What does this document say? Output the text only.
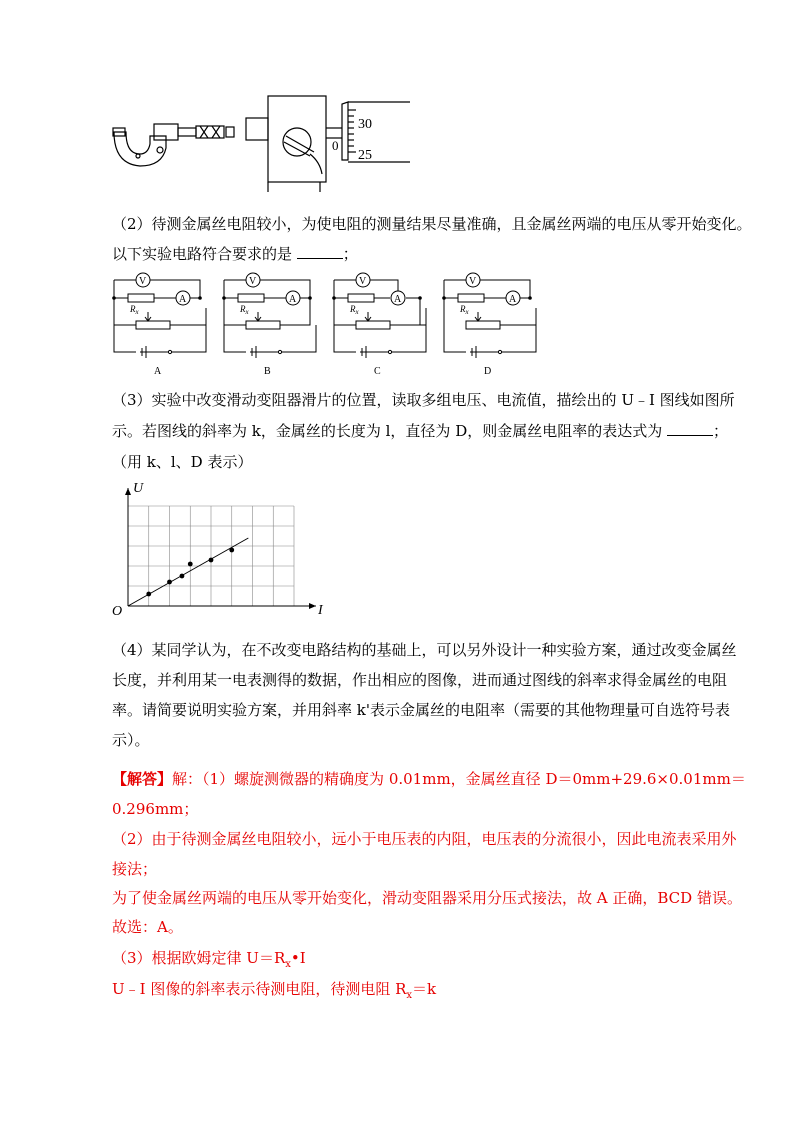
30
25
0
（2）待测金属丝电阻较小，为使电阻的测量结果尽量准确，且金属丝两端的电压从零开始变化。
以下实验电路符合要求的是	；
V
A
$R_x$
A
V
A
$R_x$
B
V
A
$R_x$
C
V
A
$R_x$
D
（3）实验中改变滑动变阻器滑片的位置，读取多组电压、电流值，描绘出的 U﹣I 图线如图所
示。若图线的斜率为 k，金属丝的长度为 l，直径为 D，则金属丝电阻率的表达式为	；
（用 k、l、D 表示）
I
U
O
（4）某同学认为，在不改变电路结构的基础上，可以另外设计一种实验方案，通过改变金属丝
长度，并利用某一电表测得的数据，作出相应的图像，进而通过图线的斜率求得金属丝的电阻
率。请简要说明实验方案，并用斜率 k'表示金属丝的电阻率（需要的其他物理量可自选符号表
示）。
【解答】解：（1）螺旋测微器的精确度为 0.01mm，金属丝直径 D＝0mm+29.6×0.01mm＝
0.296mm；
（2）由于待测金属丝电阻较小，远小于电压表的内阻，电压表的分流很小，因此电流表采用外
接法；
为了使金属丝两端的电压从零开始变化，滑动变阻器采用分压式接法，故 A 正确，BCD 错误。
故选：A。
（3）根据欧姆定律 $U=R_x•I$
U﹣I 图像的斜率表示待测电阻，待测电阻 $R_x=k$
